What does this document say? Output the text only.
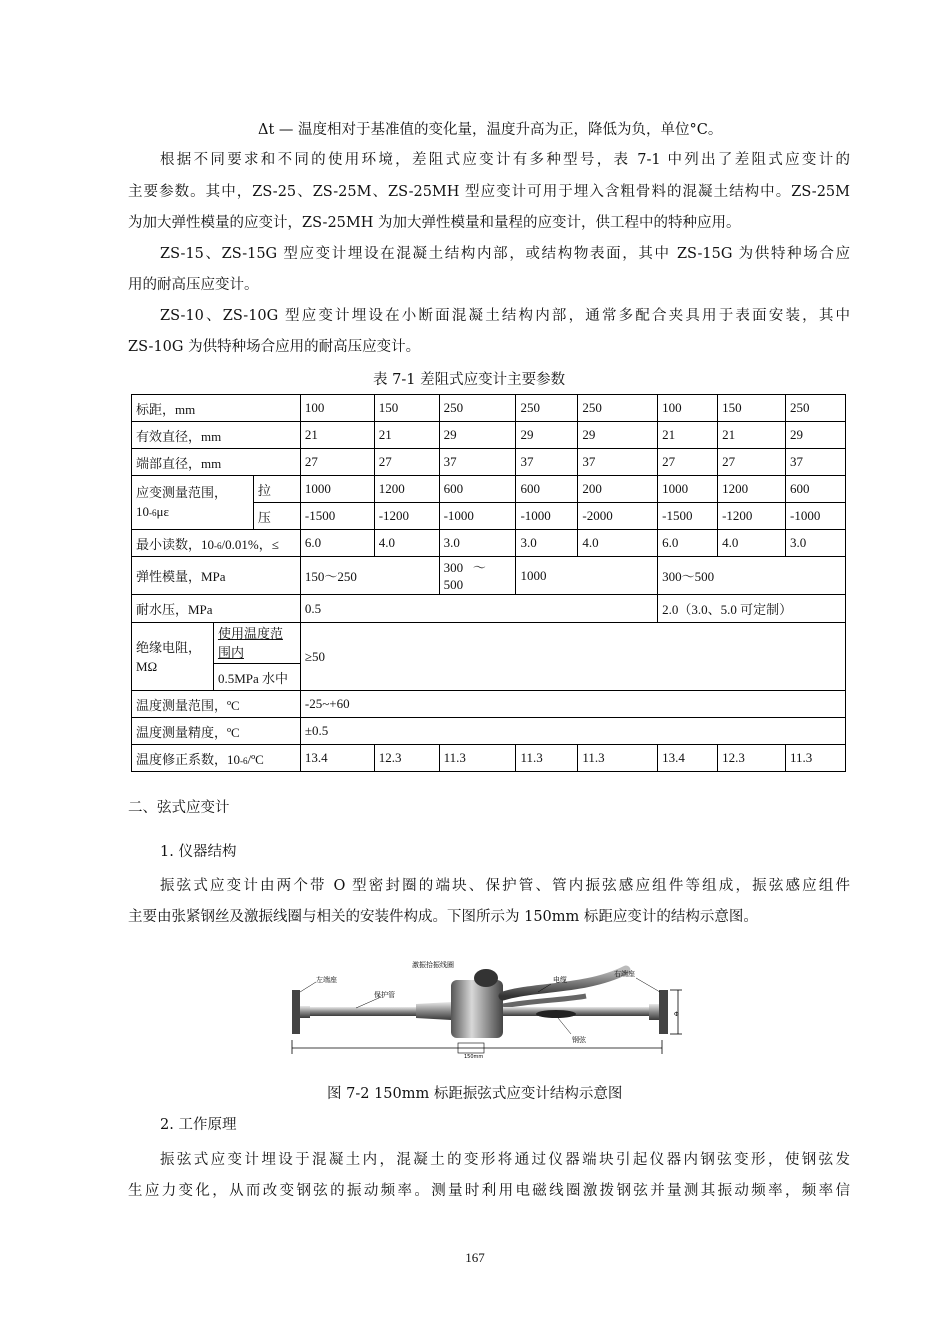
Δt — 温度相对于基准值的变化量，温度升高为正，降低为负，单位°C。
根据不同要求和不同的使用环境，差阻式应变计有多种型号，表 7-1 中列出了差阻式应变计的
主要参数。其中，ZS-25、ZS-25M、ZS-25MH 型应变计可用于埋入含粗骨料的混凝土结构中。ZS-25M
为加大弹性模量的应变计，ZS-25MH 为加大弹性模量和量程的应变计，供工程中的特种应用。
ZS-15、ZS-15G 型应变计埋设在混凝土结构内部，或结构物表面，其中 ZS-15G 为供特种场合应
用的耐高压应变计。
ZS-10、ZS-10G 型应变计埋设在小断面混凝土结构内部，通常多配合夹具用于表面安装，其中
ZS-10G 为供特种场合应用的耐高压应变计。
表 7-1 差阻式应变计主要参数
标距，mm			100	150	250	250	250	100	150	250
有效直径，mm			21	21	29	29	29	21	21	29
端部直径，mm			27	27	37	37	37	27	27	37
应变测量范围，
10-6με		拉	1000	1200	600	600	200	1000	1200	600
		压	-1500	-1200	-1000	-1000	-2000	-1500	-1200	-1000
最小读数，10-6/0.01%，≤			6.0	4.0	3.0	3.0	4.0	6.0	4.0	3.0
弹性模量，MPa			150～250		300   ～
500	1000		300～500		
耐水压，MPa			0.5					2.0（3.0、5.0 可定制）		
绝缘电阻，MΩ	使用温度范围内		≥50							
	0.5MPa 水中									
温度测量范围，ºC			-25~+60							
温度测量精度，ºC			±0.5							
温度修正系数，10-6/ºC			13.4	12.3	11.3	11.3	11.3	13.4	12.3	11.3
二、弦式应变计
1. 仪器结构
振弦式应变计由两个带 O 型密封圈的端块、保护管、管内振弦感应组件等组成，振弦感应组件
主要由张紧钢丝及激振线圈与相关的安装件构成。下图所示为 150mm 标距应变计的结构示意图。
Φ
150mm
左端座
保护管
激振拾振线圈
电缆
右端座
钢弦
图 7-2 150mm 标距振弦式应变计结构示意图
2. 工作原理
振弦式应变计埋设于混凝土内，混凝土的变形将通过仪器端块引起仪器内钢弦变形，使钢弦发
生应力变化，从而改变钢弦的振动频率。测量时利用电磁线圈激拨钢弦并量测其振动频率，频率信
167
